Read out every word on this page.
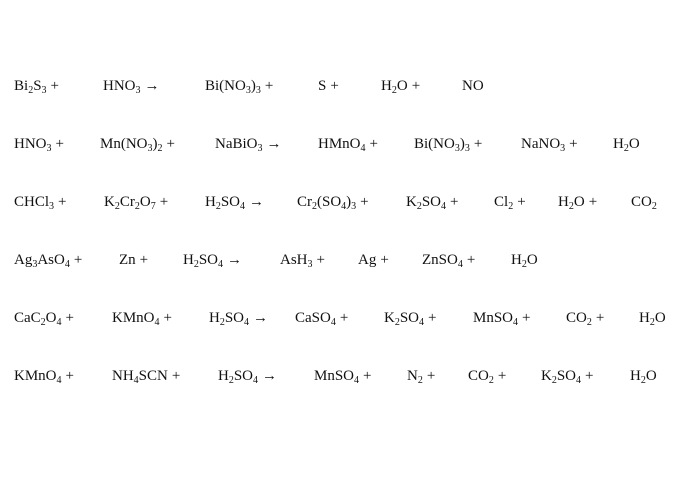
$Bi_2S_3$ +	$HNO_3$ →	$Bi(NO_3)_3$ +	S +	$H_2O$ +	NO
$HNO_3 + Mn(NO_3)_2$ +	NaBiO$_3$ → HMnO$_4$ + $Bi(NO_3)_3$ +	NaNO$_3$ + $H_2O$
CHCl$_3$ +	$K_2Cr_2O_7 + H_2SO_4 \to Cr_2(SO_4)_3 + K_2SO_4 + Cl_2 + H_2O + CO_2$
$Ag_3AsO_4 + Zn + H_2SO_4$ →	AsH$_3$ + Ag + ZnSO$_4$ + $H_2O$
$CaC_2O_4$ +	KMnO$_4$ + $H_2SO_4$ → CaSO$_4$ + $K_2SO_4$ + MnSO$_4$ + $CO_2 + H_2O$
KMnO$_4$ +	$NH_4SCN$ +	$H_2SO_4$ → MnSO$_4$ + $N_2 + CO_2 + K_2SO_4 + H_2O$
